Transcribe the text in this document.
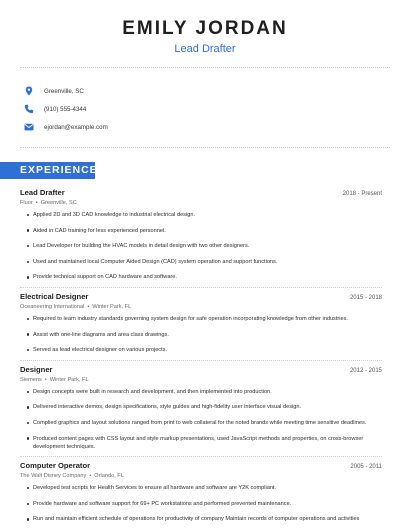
EMILY JORDAN
Lead Drafter
Greenville, SC
(910) 555-4344
ejordan@example.com
EXPERIENCE
Lead Drafter	2018 - Present
Fluor • Greenville, SC
Applied 2D and 3D CAD knowledge to industrial electrical design.
Aided in CAD training for less experienced personnel.
Lead Developer for building the HVAC models in detail design with two other designers.
Used and maintained local Computer Aided Design (CAD) system operation and support functions.
Provide technical support on CAD hardware and software.
Electrical Designer	2015 - 2018
Oceaneering International • Winter Park, FL
Required to learn industry standards governing system design for safe operation incorporating knowledge from other industries.
Assist with one-line diagrams and area class drawings.
Served as lead electrical designer on various projects.
Designer	2012 - 2015
Siemens • Winter Park, FL
Design concepts were built in research and development, and then implemented into production.
Delivered interactive demos, design specifications, style guides and high-fidelity user interface visual design.
Complied graphics and layout solutions ranged from print to web collateral for the noted brands while meeting time sensitive deadlines.
Produced content pages with CSS layout and style markup presentations, used JavaScript methods and properties, on cross-browser development techniques.
Computer Operator	2005 - 2011
The Walt Disney Company • Orlando, FL
Developed test scripts for Health Services to ensure all hardware and software are Y2K compliant.
Provide hardware and software support for 69+ PC workstations and performed prevented maintenance.
Run and maintain efficient schedule of operations for productivity of company Maintain records of computer operations and activities
